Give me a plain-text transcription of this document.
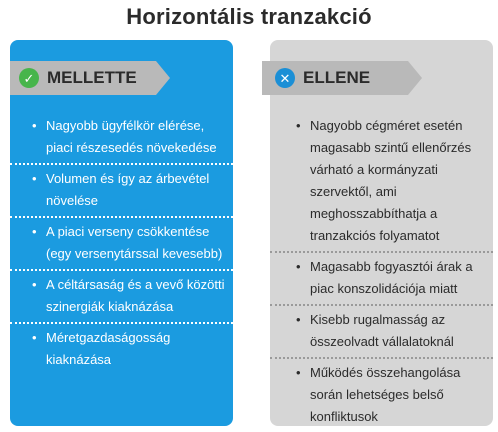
Horizontális tranzakció
✓ MELLETTE	✕ ELLENE
• Nagyobb ügyfélkör elérése, piaci részesedés növekedése
• Volumen és így az árbevétel növelése
• A piaci verseny csökkentése (egy versenytárssal kevesebb)
• A céltársaság és a vevő közötti szinergiák kiaknázása
• Méretgazdaságosság kiaknázása
• Nagyobb cégméret esetén magasabb szintű ellenőrzés várható a kormányzati szervektől, ami meghosszabbíthatja a tranzakciós folyamatot
• Magasabb fogyasztói árak a piac konszolidációja miatt
• Kisebb rugalmasság az összeolvadt vállalatoknál
• Működés összehangolása során lehetséges belső konfliktusok
